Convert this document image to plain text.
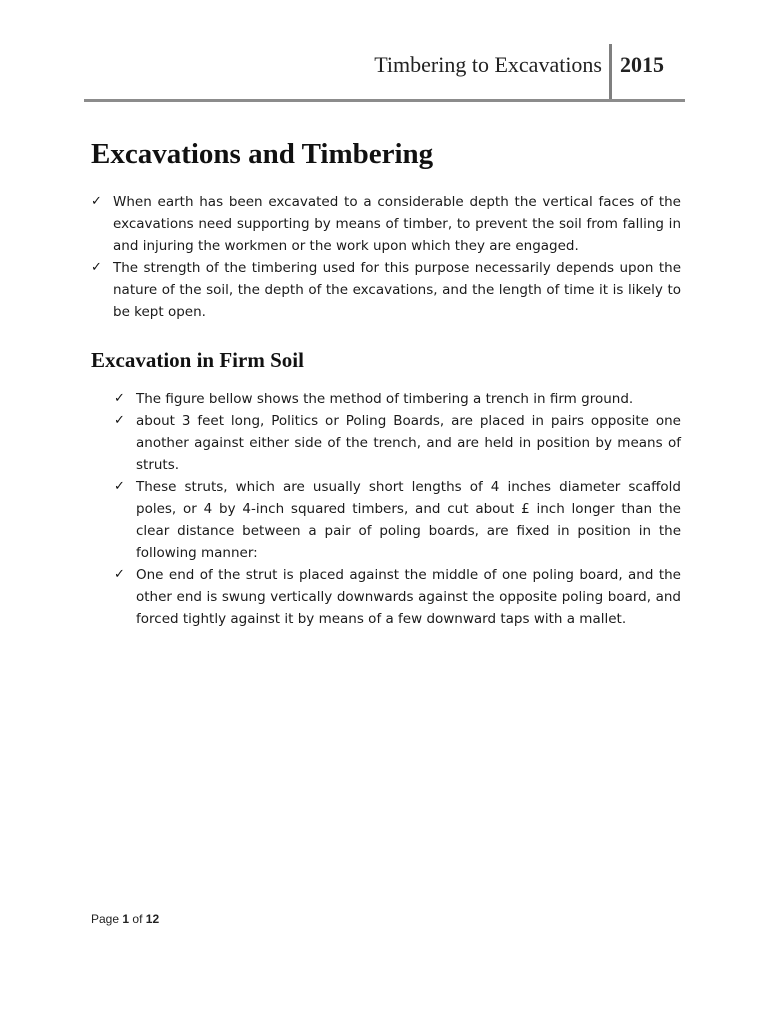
Timbering to Excavations 2015
Excavations and Timbering
✓ When earth has been excavated to a considerable depth the vertical faces of the excavations need supporting by means of timber, to prevent the soil from falling in and injuring the workmen or the work upon which they are engaged.
✓ The strength of the timbering used for this purpose necessarily depends upon the nature of the soil, the depth of the excavations, and the length of time it is likely to be kept open.
Excavation in Firm Soil
✓ The figure bellow shows the method of timbering a trench in firm ground.
✓ about 3 feet long, Politics or Poling Boards, are placed in pairs opposite one another against either side of the trench, and are held in position by means of struts.
✓ These struts, which are usually short lengths of 4 inches diameter scaffold poles, or 4 by 4-inch squared timbers, and cut about £ inch longer than the clear distance between a pair of poling boards, are fixed in position in the following manner:
✓ One end of the strut is placed against the middle of one poling board, and the other end is swung vertically downwards against the opposite poling board, and forced tightly against it by means of a few downward taps with a mallet.
Page 1 of 12
